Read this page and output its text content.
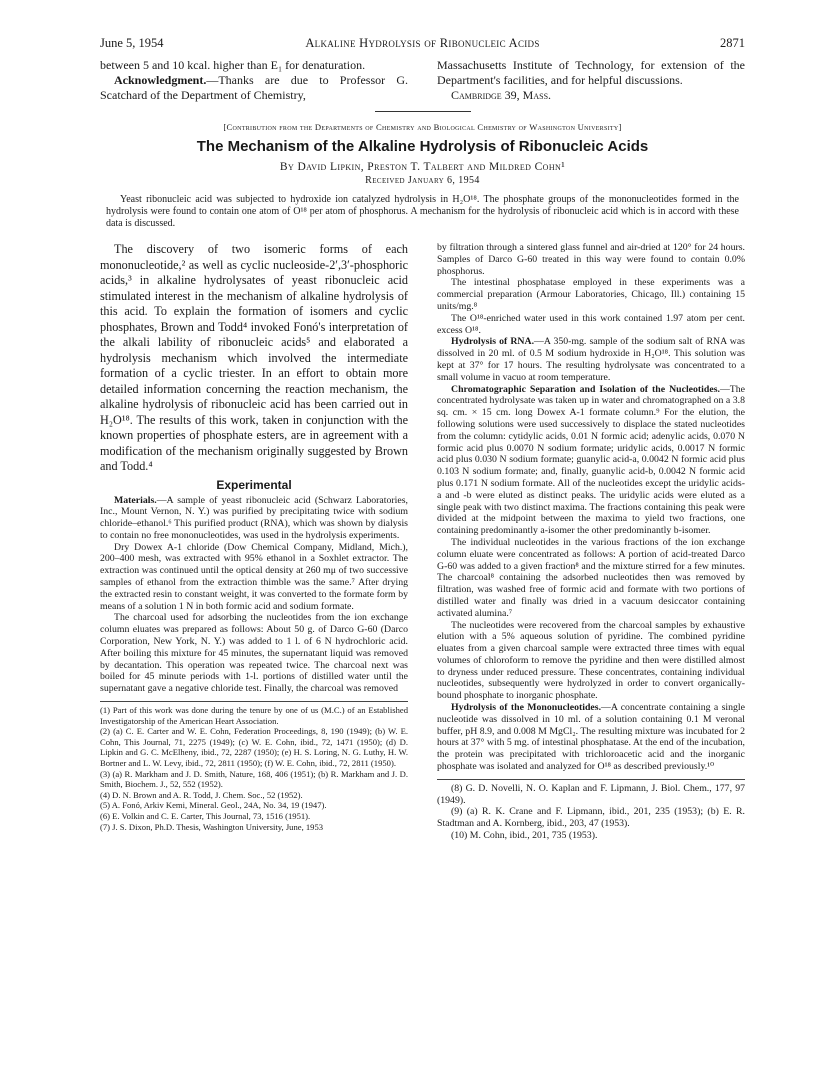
June 5, 1954	Alkaline Hydrolysis of Ribonucleic Acids	2871

between 5 and 10 kcal. higher than E₁ for denaturation.

Acknowledgment.—Thanks are due to Professor G. Scatchard of the Department of Chemistry,

Massachusetts Institute of Technology, for extension of the Department's facilities, and for helpful discussions.

Cambridge 39, Mass.

[Contribution from the Departments of Chemistry and Biological Chemistry of Washington University]
The Mechanism of the Alkaline Hydrolysis of Ribonucleic Acids
By David Lipkin, Preston T. Talbert and Mildred Cohn¹
Received January 6, 1954

Yeast ribonucleic acid was subjected to hydroxide ion catalyzed hydrolysis in H₂O¹⁸. The phosphate groups of the mononucleotides formed in the hydrolysis were found to contain one atom of O¹⁸ per atom of phosphorus. A mechanism for the hydrolysis of ribonucleic acid which is in accord with these data is discussed.

The discovery of two isomeric forms of each mononucleotide,² as well as cyclic nucleoside-2′,3′-phosphoric acids,³ in alkaline hydrolysates of yeast ribonucleic acid stimulated interest in the mechanism of alkaline hydrolysis of this acid. To explain the formation of isomers and cyclic phosphates, Brown and Todd⁴ invoked Fonó's interpretation of the alkali lability of ribonucleic acids⁵ and elaborated a hydrolysis mechanism which involved the intermediate formation of a cyclic triester. In an effort to obtain more detailed information concerning the reaction mechanism, the alkaline hydrolysis of ribonucleic acid has been carried out in H₂O¹⁸. The results of this work, taken in conjunction with the known properties of phosphate esters, are in agreement with a modification of the mechanism originally suggested by Brown and Todd.⁴

Experimental

Materials.—A sample of yeast ribonucleic acid (Schwarz Laboratories, Inc., Mount Vernon, N. Y.) was purified by precipitating twice with sodium chloride–ethanol.⁶ This purified product (RNA), which was shown by dialysis to contain no free mononucleotides, was used in the hydrolysis experiments.

Dry Dowex A-1 chloride (Dow Chemical Company, Midland, Mich.), 200–400 mesh, was extracted with 95% ethanol in a Soxhlet extractor. The extraction was continued until the optical density at 260 mμ of two successive samples of ethanol from the extraction thimble was the same.⁷ After drying the extracted resin to constant weight, it was converted to the formate form by means of a solution 1 N in both formic acid and sodium formate.

The charcoal used for adsorbing the nucleotides from the ion exchange column eluates was prepared as follows: About 50 g. of Darco G-60 (Darco Corporation, New York, N. Y.) was added to 1 l. of 6 N hydrochloric acid. After boiling this mixture for 45 minutes, the supernatant liquid was removed by decantation. This operation was repeated twice. The charcoal next was boiled for 45 minute periods with 1-l. portions of distilled water until the supernatant gave a negative chloride test. Finally, the charcoal was removed

(1) Part of this work was done during the tenure by one of us (M.C.) of an Established Investigatorship of the American Heart Association.

(2) (a) C. E. Carter and W. E. Cohn, Federation Proceedings, 8, 190 (1949); (b) W. E. Cohn, This Journal, 71, 2275 (1949); (c) W. E. Cohn, ibid., 72, 1471 (1950); (d) D. Lipkin and G. C. McElheny, ibid., 72, 2287 (1950); (e) H. S. Loring, N. G. Luthy, H. W. Bortner and L. W. Levy, ibid., 72, 2811 (1950); (f) W. E. Cohn, ibid., 72, 2811 (1950).

(3) (a) R. Markham and J. D. Smith, Nature, 168, 406 (1951); (b) R. Markham and J. D. Smith, Biochem. J., 52, 552 (1952).

(4) D. N. Brown and A. R. Todd, J. Chem. Soc., 52 (1952).

(5) A. Fonó, Arkiv Kemi, Mineral. Geol., 24A, No. 34, 19 (1947).

(6) E. Volkin and C. E. Carter, This Journal, 73, 1516 (1951).

(7) J. S. Dixon, Ph.D. Thesis, Washington University, June, 1953

by filtration through a sintered glass funnel and air-dried at 120° for 24 hours. Samples of Darco G-60 treated in this way were found to contain 0.0% phosphorus.

The intestinal phosphatase employed in these experiments was a commercial preparation (Armour Laboratories, Chicago, Ill.) containing 15 units/mg.⁸

The O¹⁸-enriched water used in this work contained 1.97 atom per cent. excess O¹⁸.

Hydrolysis of RNA.—A 350-mg. sample of the sodium salt of RNA was dissolved in 20 ml. of 0.5 M sodium hydroxide in H₂O¹⁸. This solution was kept at 37° for 17 hours. The resulting hydrolysate was concentrated to a small volume in vacuo at room temperature.

Chromatographic Separation and Isolation of the Nucleotides.—The concentrated hydrolysate was taken up in water and chromatographed on a 3.8 sq. cm. × 15 cm. long Dowex A-1 formate column.⁹ For the elution, the following solutions were used successively to displace the stated nucleotides from the column: cytidylic acids, 0.01 N formic acid; adenylic acids, 0.070 N formic acid plus 0.0070 N sodium formate; uridylic acids, 0.0017 N formic acid plus 0.030 N sodium formate; guanylic acid-a, 0.0042 N formic acid plus 0.103 N sodium formate; and, finally, guanylic acid-b, 0.0042 N formic acid plus 0.171 N sodium formate. All of the nucleotides except the uridylic acids-a and -b were eluted as distinct peaks. The uridylic acids were eluted as a single peak with two distinct maxima. The fractions containing this peak were divided at the midpoint between the maxima to yield two fractions, one containing predominantly a-isomer the other predominantly b-isomer.

The individual nucleotides in the various fractions of the ion exchange column eluate were concentrated as follows: A portion of acid-treated Darco G-60 was added to a given fraction⁸ and the mixture stirred for a few minutes. The charcoal⁸ containing the adsorbed nucleotides then was removed by filtration, was washed free of formic acid and formate with two portions of distilled water and finally was dried in a vacuum desiccator containing activated alumina.⁷

The nucleotides were recovered from the charcoal samples by exhaustive elution with a 5% aqueous solution of pyridine. The combined pyridine eluates from a given charcoal sample were extracted three times with equal volumes of chloroform to remove the pyridine and then were distilled almost to dryness under reduced pressure. These concentrates, containing individual nucleotides, subsequently were hydrolyzed in order to convert organically-bound phosphate to inorganic phosphate.

Hydrolysis of the Mononucleotides.—A concentrate containing a single nucleotide was dissolved in 10 ml. of a solution containing 0.1 M veronal buffer, pH 8.9, and 0.008 M MgCl₂. The resulting mixture was incubated for 2 hours at 37° with 5 mg. of intestinal phosphatase. At the end of the incubation, the protein was precipitated with trichloroacetic acid and the inorganic phosphate was isolated and analyzed for O¹⁸ as described previously.¹⁰

(8) G. D. Novelli, N. O. Kaplan and F. Lipmann, J. Biol. Chem., 177, 97 (1949).

(9) (a) R. K. Crane and F. Lipmann, ibid., 201, 235 (1953); (b) E. R. Stadtman and A. Kornberg, ibid., 203, 47 (1953).

(10) M. Cohn, ibid., 201, 735 (1953).
